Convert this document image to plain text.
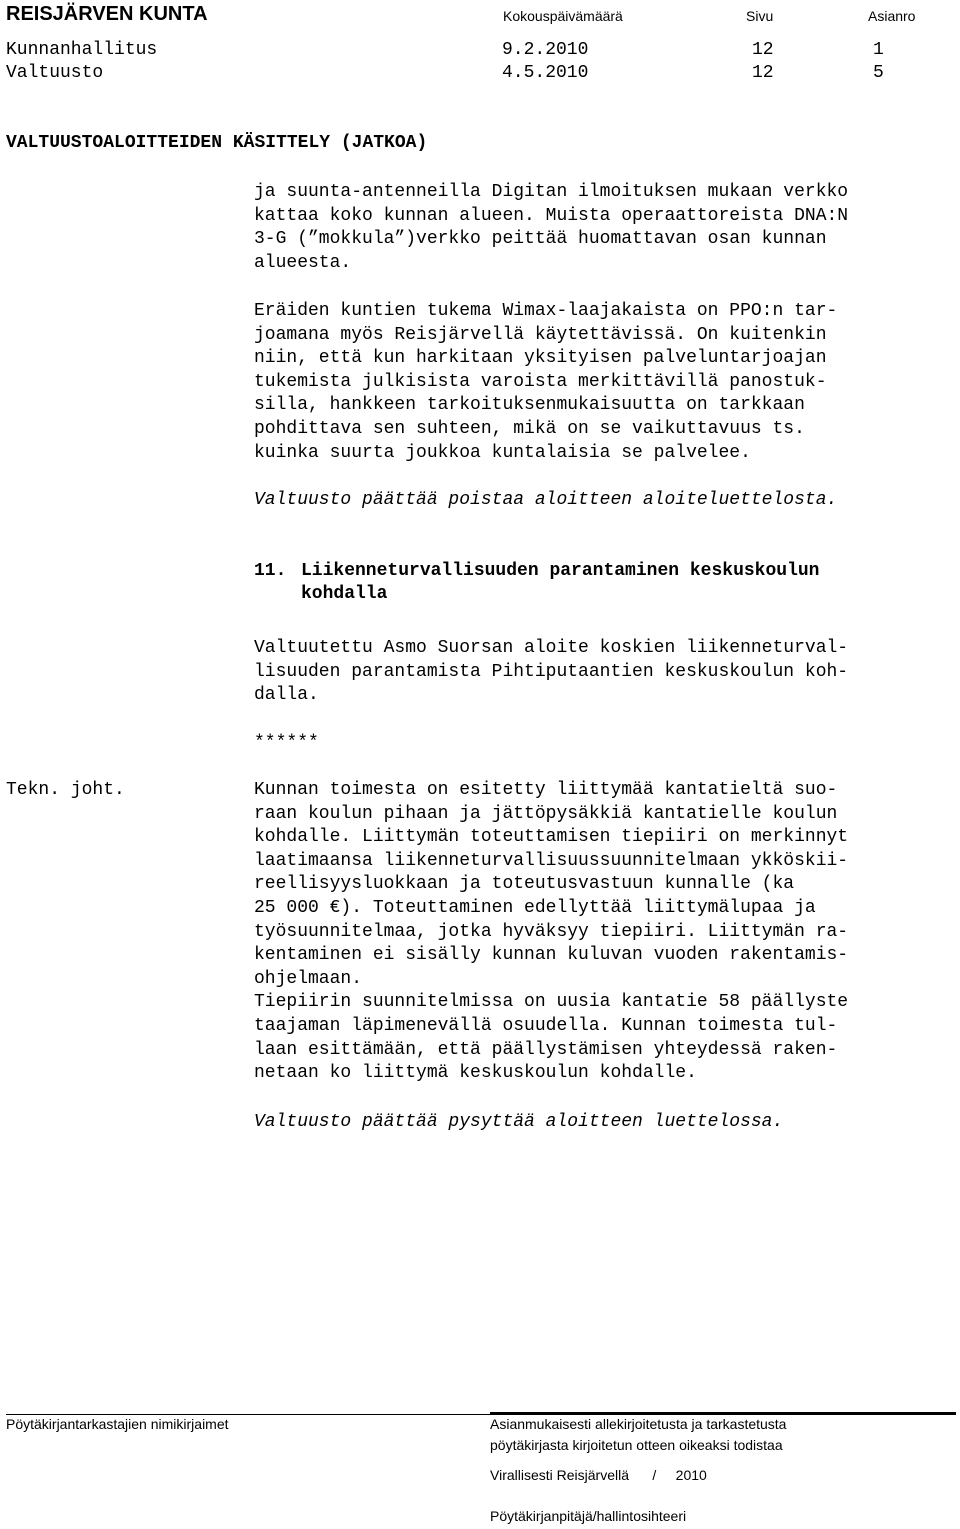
REISJÄRVEN KUNTA	Kokouspäivämäärä	Sivu	Asianro
Kunnanhallitus	9.2.2010	12	1
Valtuusto	4.5.2010	12	5
VALTUUSTOALOITTEIDEN KÄSITTELY (JATKOA)
ja suunta-antenneilla Digitan ilmoituksen mukaan verkko
kattaa koko kunnan alueen. Muista operaattoreista DNA:N
3-G (”mokkula”)verkko peittää huomattavan osan kunnan
alueesta.
Eräiden kuntien tukema Wimax-laajakaista on PPO:n tar-
joamana myös Reisjärvellä käytettävissä. On kuitenkin
niin, että kun harkitaan yksityisen palveluntarjoajan
tukemista julkisista varoista merkittävillä panostuk-
silla, hankkeen tarkoituksenmukaisuutta on tarkkaan
pohdittava sen suhteen, mikä on se vaikuttavuus ts.
kuinka suurta joukkoa kuntalaisia se palvelee.
Valtuusto päättää poistaa aloitteen aloiteluettelosta.
11. Liikenneturvallisuuden parantaminen keskuskoulun
kohdalla
Valtuutettu Asmo Suorsan aloite koskien liikenneturval-
lisuuden parantamista Pihtiputaantien keskuskoulun koh-
dalla.
******
Tekn. joht.	Kunnan toimesta on esitetty liittymää kantatieltä suo-
raan koulun pihaan ja jättöpysäkkiä kantatielle koulun
kohdalle. Liittymän toteuttamisen tiepiiri on merkinnyt
laatimaansa liikenneturvallisuussuunnitelmaan ykköskii-
reellisyysluokkaan ja toteutusvastuun kunnalle (ka
25 000 €). Toteuttaminen edellyttää liittymälupaa ja
työsuunnitelmaa, jotka hyväksyy tiepiiri. Liittymän ra-
kentaminen ei sisälly kunnan kuluvan vuoden rakentamis-
ohjelmaan.
Tiepiirin suunnitelmissa on uusia kantatie 58 päällyste
taajaman läpimenevällä osuudella. Kunnan toimesta tul-
laan esittämään, että päällystämisen yhteydessä raken-
netaan ko liittymä keskuskoulun kohdalle.
Valtuusto päättää pysyttää aloitteen luettelossa.
Pöytäkirjantarkastajien nimikirjaimet	Asianmukaisesti allekirjoitetusta ja tarkastetusta
pöytäkirjasta kirjoitetun otteen oikeaksi todistaa
Virallisesti Reisjärvellä      /     2010
Pöytäkirjanpitäjä/hallintosihteeri
